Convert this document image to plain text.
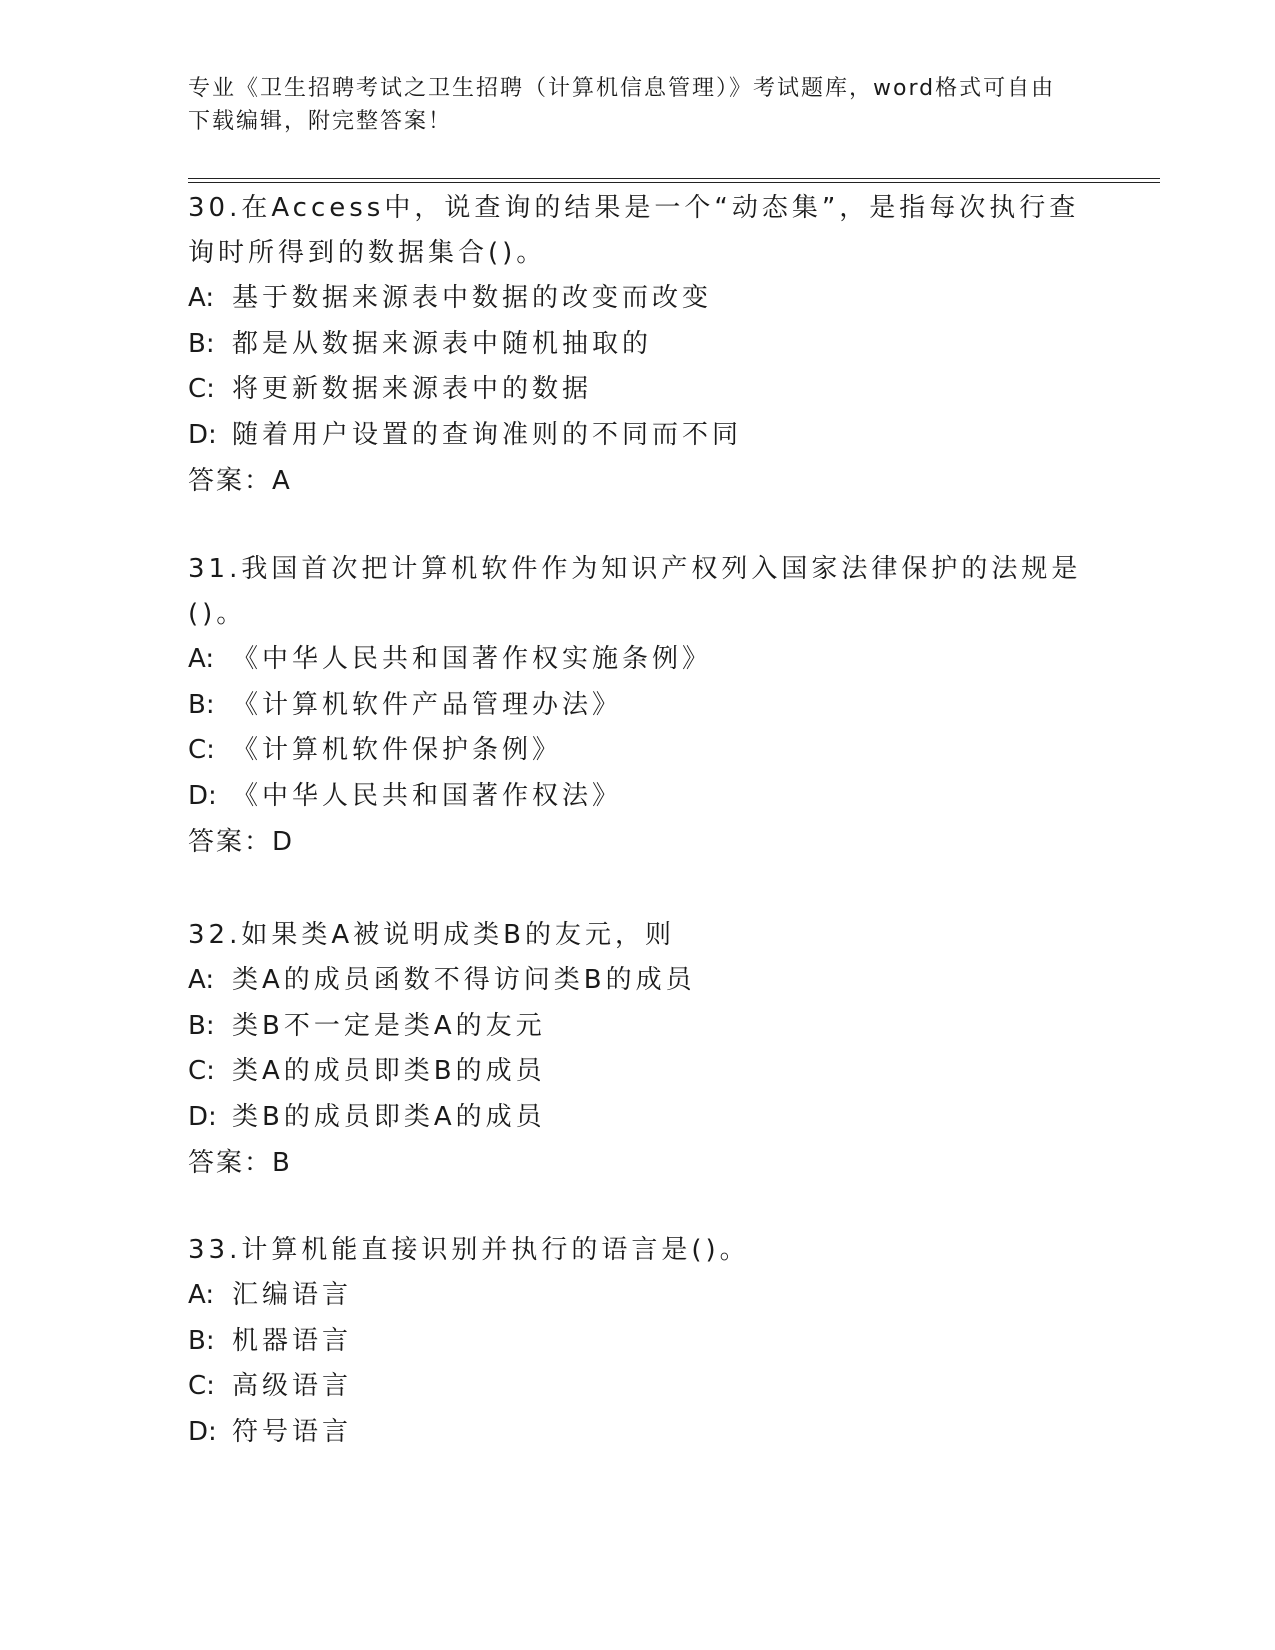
专业《卫生招聘考试之卫生招聘（计算机信息管理）》考试题库，word格式可自由下载编辑，附完整答案！
30.在Access中，说查询的结果是一个“动态集”，是指每次执行查询时所得到的数据集合()。
A: 基于数据来源表中数据的改变而改变
B: 都是从数据来源表中随机抽取的
C: 将更新数据来源表中的数据
D: 随着用户设置的查询准则的不同而不同
答案：A
31.我国首次把计算机软件作为知识产权列入国家法律保护的法规是()。
A: 《中华人民共和国著作权实施条例》
B: 《计算机软件产品管理办法》
C: 《计算机软件保护条例》
D: 《中华人民共和国著作权法》
答案：D
32.如果类A被说明成类B的友元，则
A: 类A的成员函数不得访问类B的成员
B: 类B不一定是类A的友元
C: 类A的成员即类B的成员
D: 类B的成员即类A的成员
答案：B
33.计算机能直接识别并执行的语言是()。
A: 汇编语言
B: 机器语言
C: 高级语言
D: 符号语言
